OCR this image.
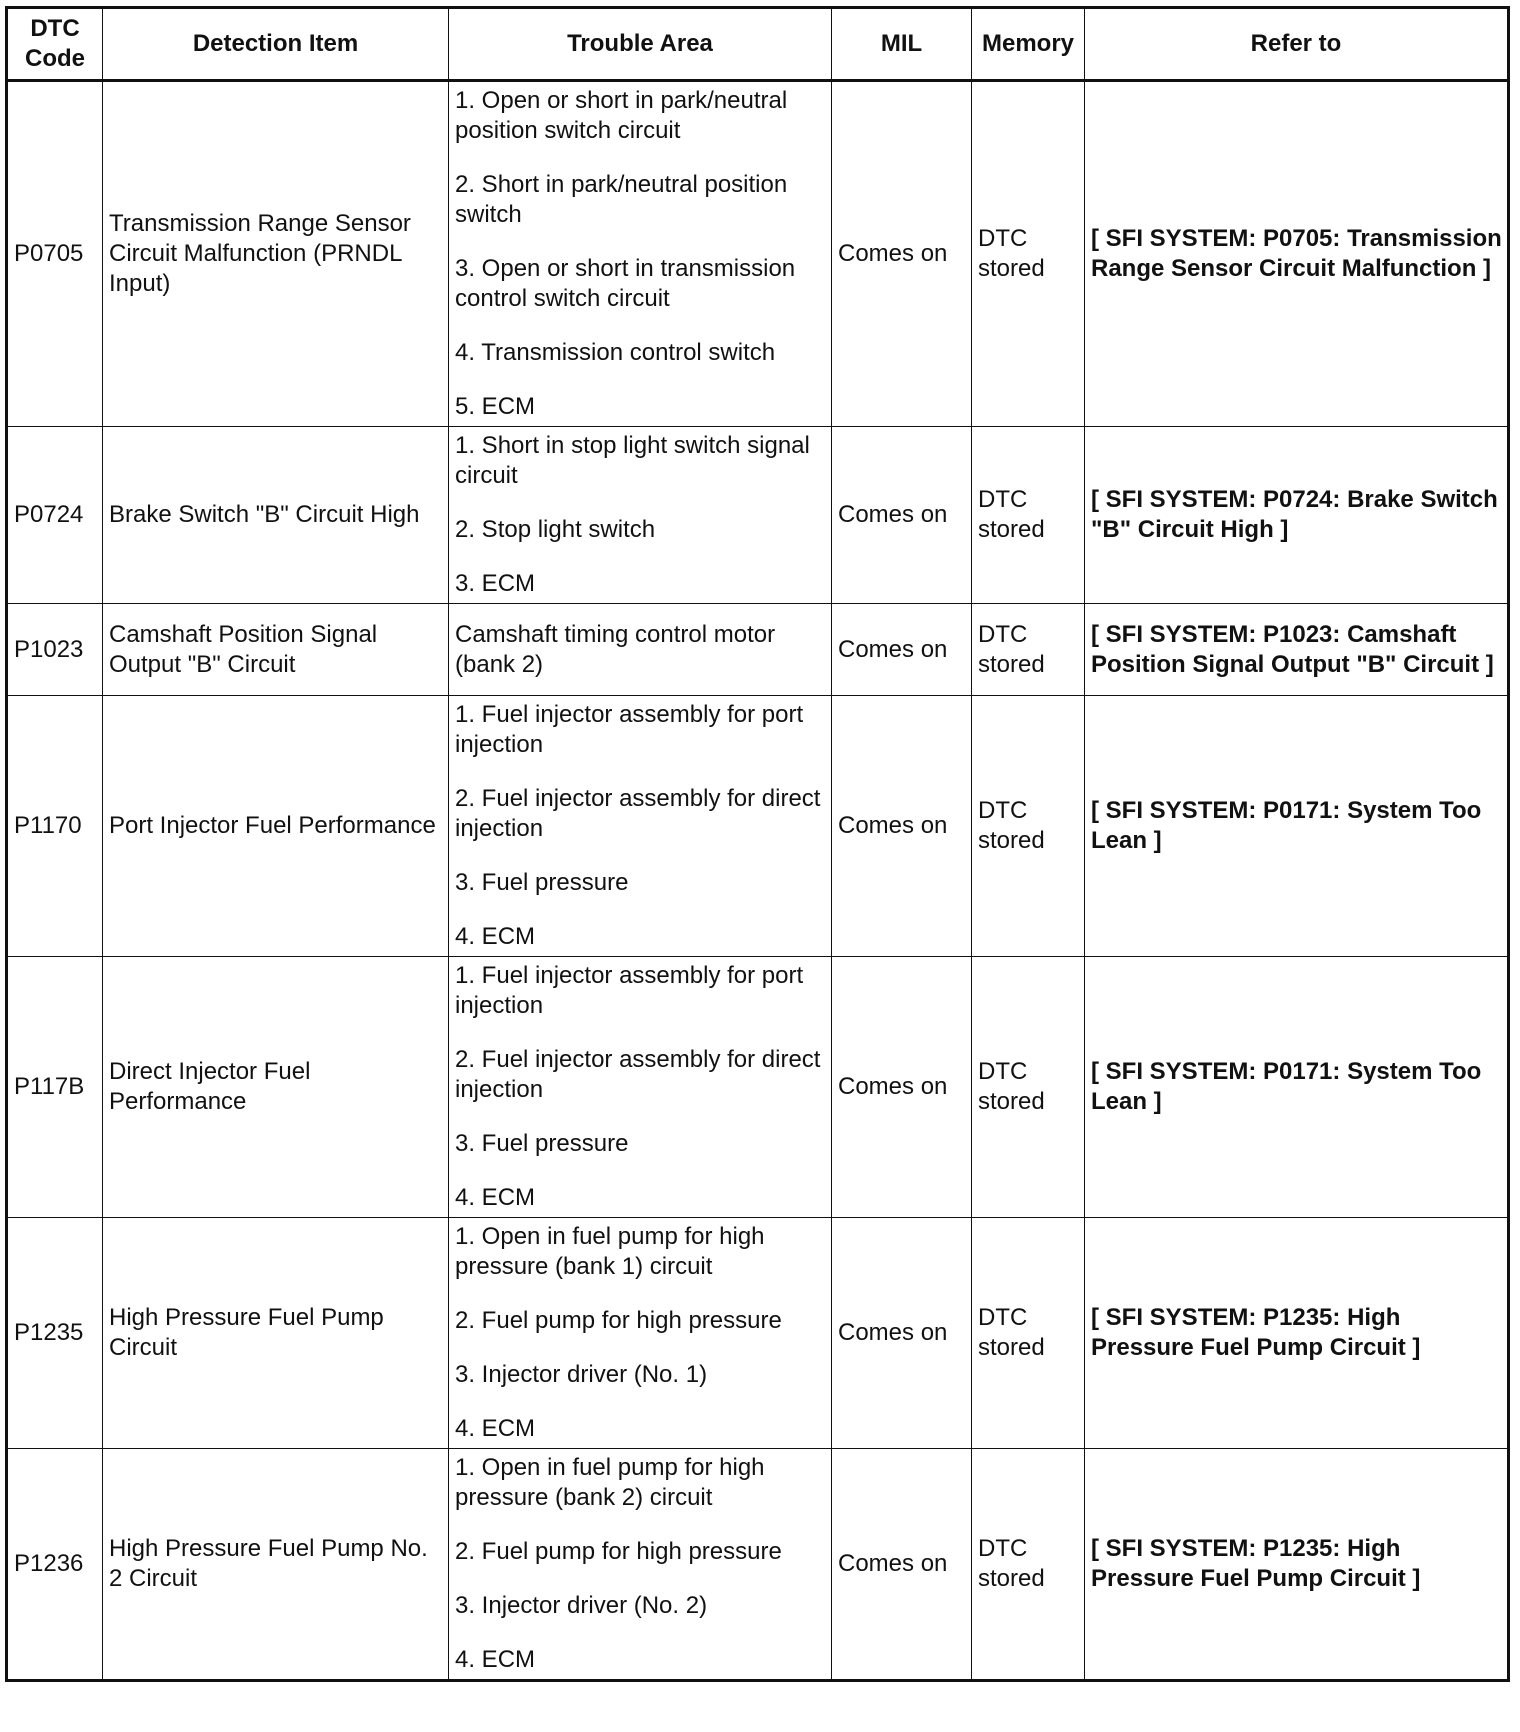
DTC Code	Detection Item	Trouble Area	MIL	Memory	Refer to
P0705	Transmission Range Sensor Circuit Malfunction (PRNDL Input)	1. Open or short in park/neutral position switch circuit
2. Short in park/neutral position switch
3. Open or short in transmission control switch circuit
4. Transmission control switch
5. ECM	Comes on	DTC stored	[ SFI SYSTEM: P0705: Transmission Range Sensor Circuit Malfunction ]
P0724	Brake Switch "B" Circuit High	1. Short in stop light switch signal circuit
2. Stop light switch
3. ECM	Comes on	DTC stored	[ SFI SYSTEM: P0724: Brake Switch "B" Circuit High ]
P1023	Camshaft Position Signal Output "B" Circuit	Camshaft timing control motor (bank 2)	Comes on	DTC stored	[ SFI SYSTEM: P1023: Camshaft Position Signal Output "B" Circuit ]
P1170	Port Injector Fuel Performance	1. Fuel injector assembly for port injection
2. Fuel injector assembly for direct injection
3. Fuel pressure
4. ECM	Comes on	DTC stored	[ SFI SYSTEM: P0171: System Too Lean ]
P117B	Direct Injector Fuel Performance	1. Fuel injector assembly for port injection
2. Fuel injector assembly for direct injection
3. Fuel pressure
4. ECM	Comes on	DTC stored	[ SFI SYSTEM: P0171: System Too Lean ]
P1235	High Pressure Fuel Pump Circuit	1. Open in fuel pump for high pressure (bank 1) circuit
2. Fuel pump for high pressure
3. Injector driver (No. 1)
4. ECM	Comes on	DTC stored	[ SFI SYSTEM: P1235: High Pressure Fuel Pump Circuit ]
P1236	High Pressure Fuel Pump No. 2 Circuit	1. Open in fuel pump for high pressure (bank 2) circuit
2. Fuel pump for high pressure
3. Injector driver (No. 2)
4. ECM	Comes on	DTC stored	[ SFI SYSTEM: P1235: High Pressure Fuel Pump Circuit ]
